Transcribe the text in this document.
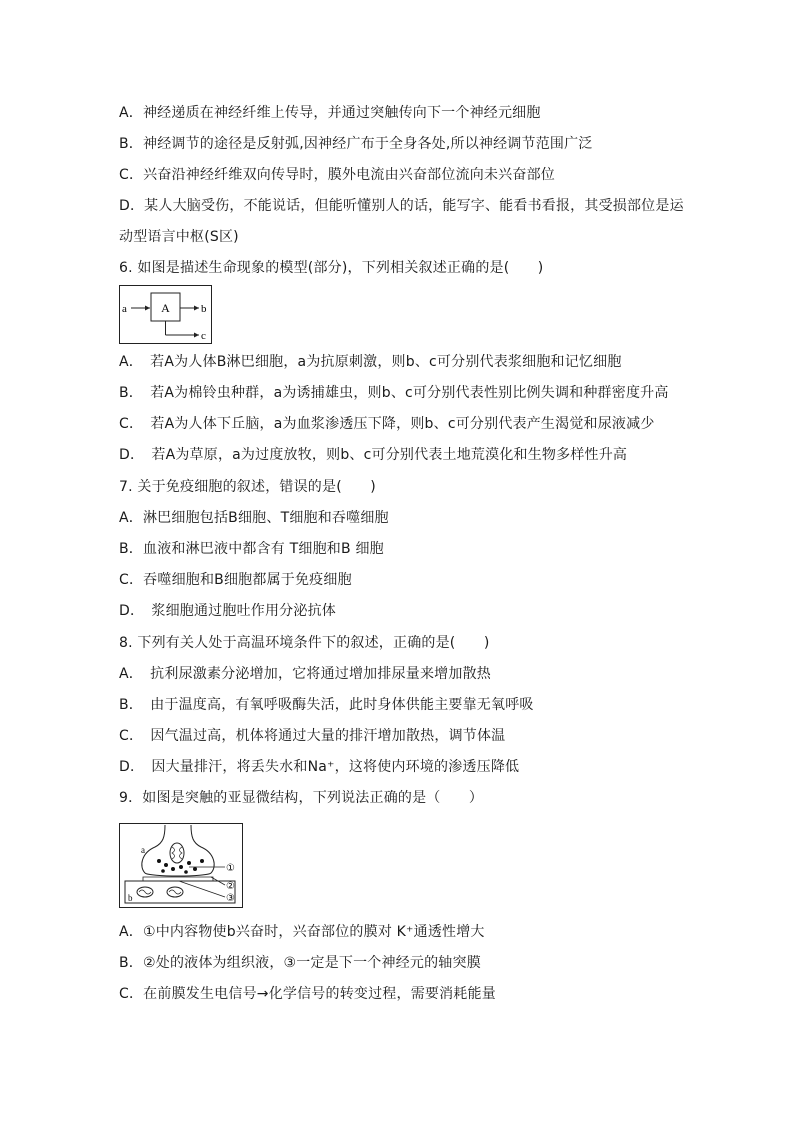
A．神经递质在神经纤维上传导，并通过突触传向下一个神经元细胞
B．神经调节的途径是反射弧,因神经广布于全身各处,所以神经调节范围广泛
C．兴奋沿神经纤维双向传导时，膜外电流由兴奋部位流向未兴奋部位
D．某人大脑受伤，不能说话，但能听懂别人的话，能写字、能看书看报，其受损部位是运
动型语言中枢(S区)
6. 如图是描述生命现象的模型(部分)，下列相关叙述正确的是(　　)
A
a	b
c
A．　若A为人体B淋巴细胞，a为抗原刺激，则b、c可分别代表浆细胞和记忆细胞
B．　若A为棉铃虫种群，a为诱捕雄虫，则b、c可分别代表性别比例失调和种群密度升高
C．　若A为人体下丘脑，a为血浆渗透压下降，则b、c可分别代表产生渴觉和尿液减少
D．　若A为草原，a为过度放牧，则b、c可分别代表土地荒漠化和生物多样性升高
7. 关于免疫细胞的叙述，错误的是(　　)
A．淋巴细胞包括B细胞、T细胞和吞噬细胞
B．血液和淋巴液中都含有 T细胞和B 细胞
C．吞噬细胞和B细胞都属于免疫细胞
D．　浆细胞通过胞吐作用分泌抗体
8. 下列有关人处于高温环境条件下的叙述，正确的是(　　)
A．　抗利尿激素分泌增加，它将通过增加排尿量来增加散热
B．　由于温度高，有氧呼吸酶失活，此时身体供能主要靠无氧呼吸
C．　因气温过高，机体将通过大量的排汗增加散热，调节体温
D．　因大量排汗，将丢失水和Na⁺，这将使内环境的渗透压降低
9．如图是突触的亚显微结构，下列说法正确的是（　　）
a
b
①
②
③
A．①中内容物使b兴奋时，兴奋部位的膜对 K⁺通透性增大
B．②处的液体为组织液，③一定是下一个神经元的轴突膜
C．在前膜发生电信号→化学信号的转变过程，需要消耗能量
